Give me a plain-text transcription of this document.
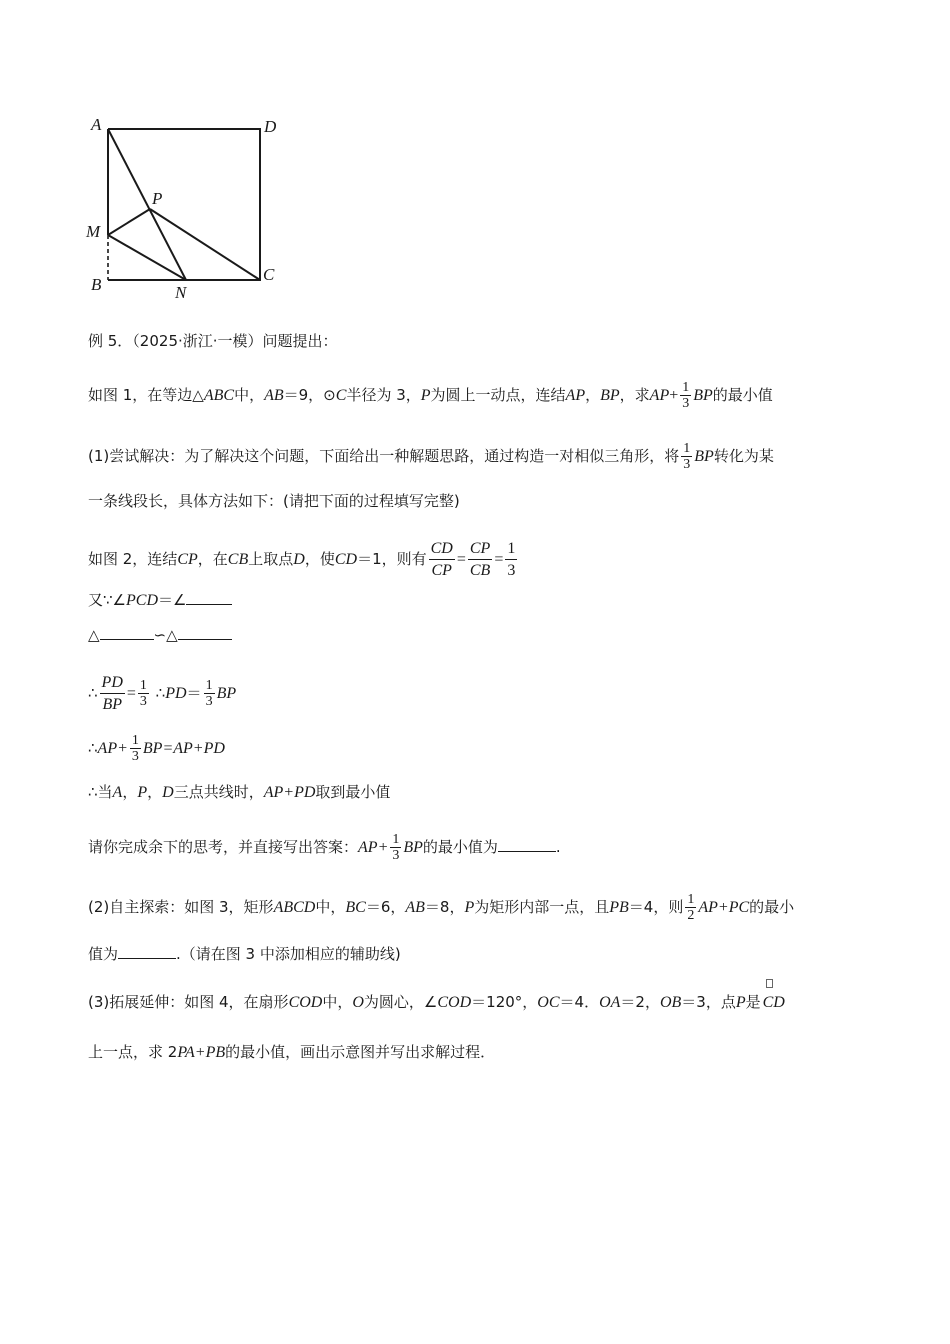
A	D
P
M
B	N
C
例 5．（2025·浙江·一模）问题提出：
如图 1，在等边△ABC中，AB＝9，⊙C半径为 3，P为圆上一动点，连结AP，BP，求$AP+ \frac{1}{3}$ BP的最小值
(1)尝试解决：为了解决这个问题，下面给出一种解题思路，通过构造一对相似三角形，将 $\frac{1}{3}$ BP转化为某
一条线段长，具体方法如下：(请把下面的过程填写完整)
如图 2，连结CP，在CB上取点D，使CD＝1，则有 $\frac{CD}{CP} = \frac{CP}{CB} = \frac{1}{3}$
又∵∠PCD＝∠
△	∽△
∴ $\frac{PD}{BP} = \frac{1}{3}$ ∴PD＝ $\frac{1}{3}$ BP
∴AP+ $\frac{1}{3} BP=AP+PD$
∴当A，P，D三点共线时，AP+PD取到最小值
请你完成余下的思考，并直接写出答案：$AP+ \frac{1}{3}$ BP的最小值为	.
(2)自主探索：如图 3，矩形ABCD中，BC＝6，AB＝8，P为矩形内部一点，且PB＝4，则 $\frac{1}{2} AP+PC$的最小
值为	.（请在图 3 中添加相应的辅助线)
(3)拓展延伸：如图 4，在扇形COD中，O为圆心，∠COD＝120°，OC＝4．OA＝2，OB＝3，点P是 CD
上一点，求 2PA+PB的最小值，画出示意图并写出求解过程．
